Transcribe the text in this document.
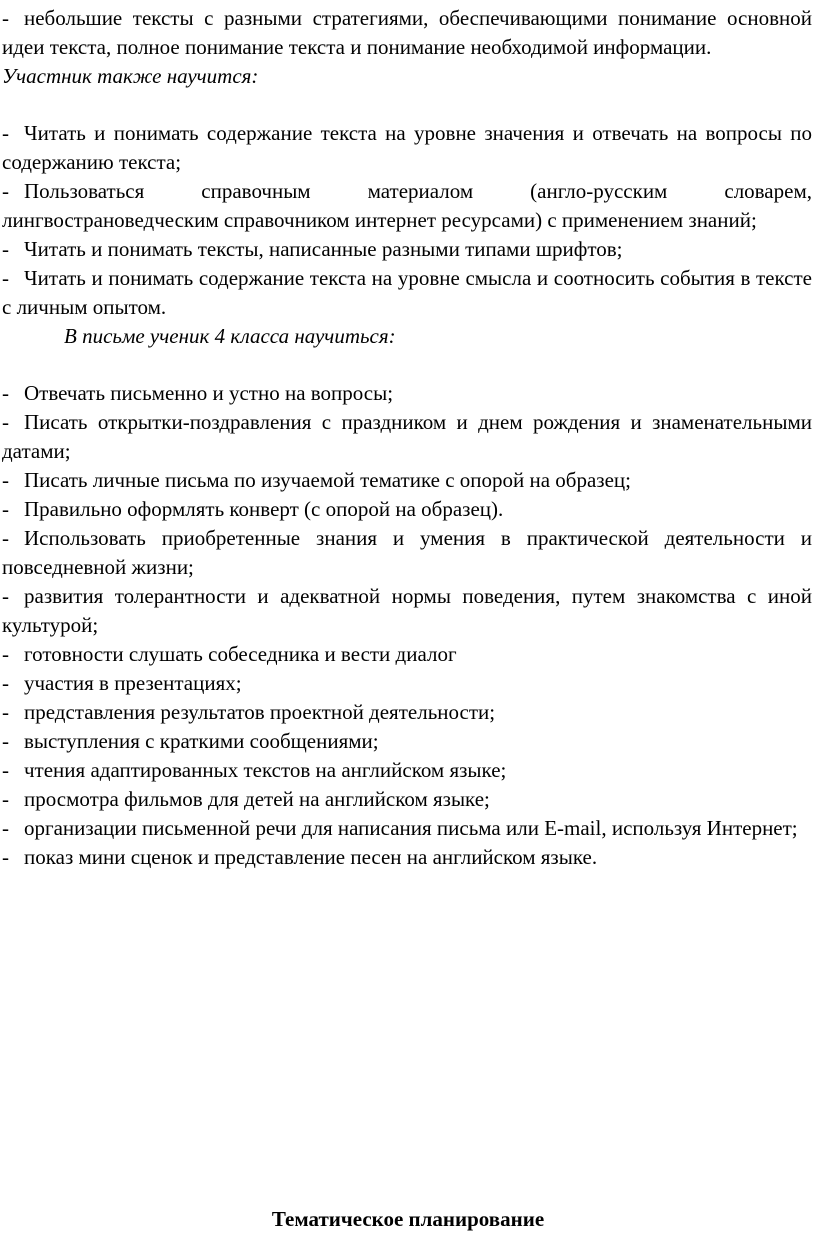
- небольшие тексты с разными стратегиями, обеспечивающими понимание основной идеи текста, полное понимание текста и понимание необходимой информации.

Участник также научится:

- Читать и понимать содержание текста на уровне значения и отвечать на вопросы по содержанию текста;

- Пользоваться справочным материалом (англо-русским словарем, лингвострановедческим справочником интернет ресурсами) с применением знаний;

- Читать и понимать тексты, написанные разными типами шрифтов;

- Читать и понимать содержание текста на уровне смысла и соотносить события в тексте с личным опытом.

В письме ученик 4 класса научиться:

- Отвечать письменно и устно на вопросы;

- Писать открытки-поздравления с праздником и днем рождения и знаменательными датами;

- Писать личные письма по изучаемой тематике с опорой на образец;

- Правильно оформлять конверт (с опорой на образец).

- Использовать приобретенные знания и умения в практической деятельности и повседневной жизни;

- развития толерантности и адекватной нормы поведения, путем знакомства с иной культурой;

- готовности слушать собеседника и вести диалог

- участия в презентациях;

- представления результатов проектной деятельности;

- выступления с краткими сообщениями;

- чтения адаптированных текстов на английском языке;

- просмотра фильмов для детей на английском языке;

- организации письменной речи для написания письма или E-mail, используя Интернет;

- показ мини сценок и представление песен на английском языке.

Тематическое планирование
